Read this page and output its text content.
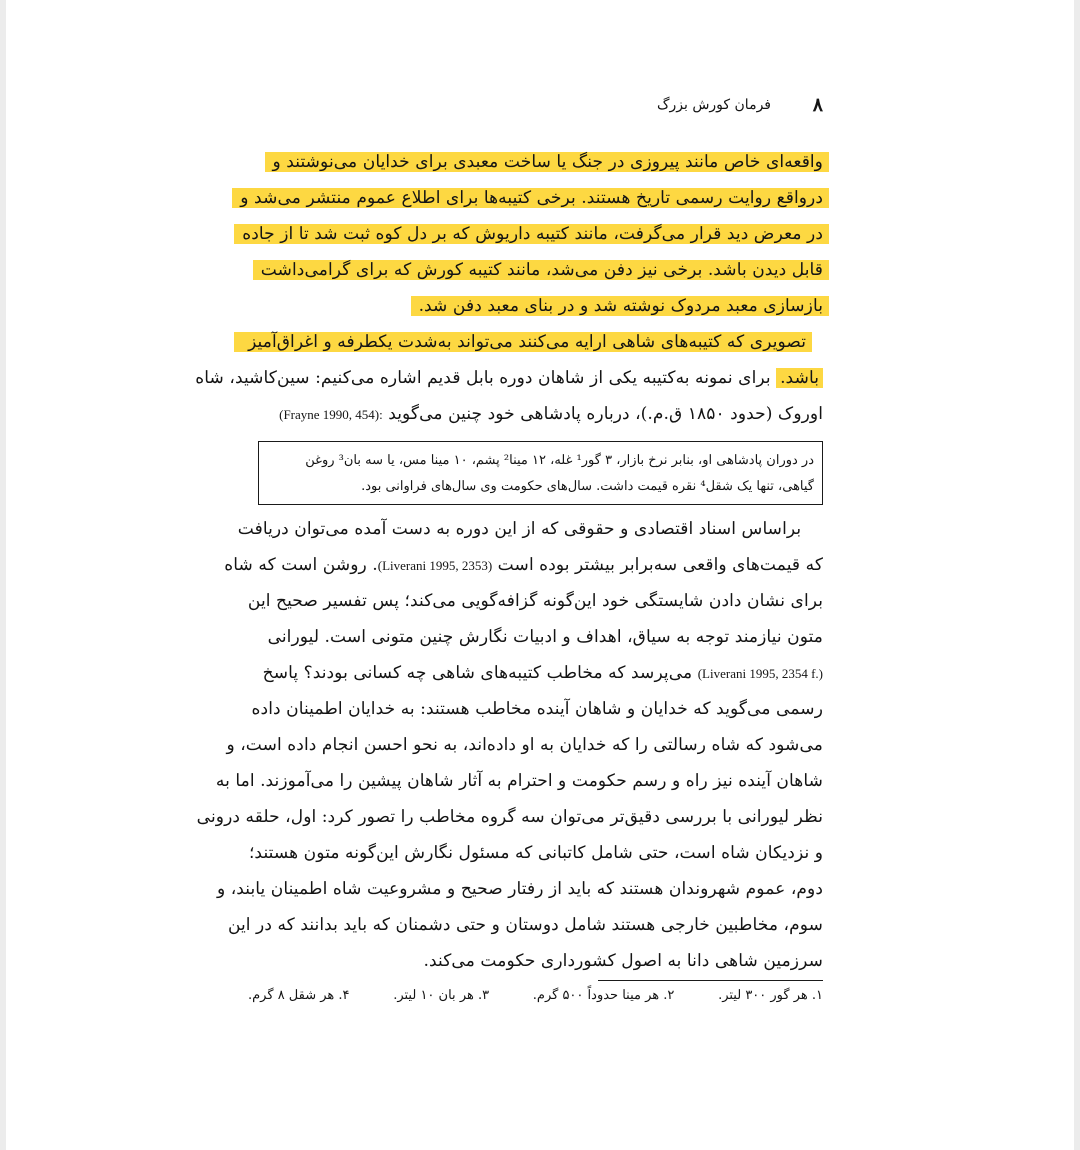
۸
فرمان کورش بزرگ
واقعه‌ای خاص مانند پیروزی در جنگ یا ساخت معبدی برای خدایان می‌نوشتند و
درواقع روایت رسمی تاریخ هستند. برخی کتیبه‌ها برای اطلاع عموم منتشر می‌شد و
در معرض دید قرار می‌گرفت، مانند کتیبه داریوش که بر دل کوه ثبت شد تا از جاده
قابل دیدن باشد. برخی نیز دفن می‌شد، مانند کتیبه کورش که برای گرامی‌داشت
بازسازی معبد مردوک نوشته شد و در بنای معبد دفن شد.
تصویری که کتیبه‌های شاهی ارایه می‌کنند می‌تواند به‌شدت یکطرفه و اغراق‌آمیز
باشد. برای نمونه به‌کتیبه یکی از شاهان دوره بابل قدیم اشاره می‌کنیم: سین‌کاشید، شاه
اوروک (حدود ۱۸۵۰ ق.م.)، درباره پادشاهی خود چنین می‌گوید (Frayne 1990, 454):
در دوران پادشاهی او، بنابر نرخ بازار، ۳ گور¹ غله، ۱۲ مینا² پشم، ۱۰ مینا مس، یا سه بان³ روغن
گیاهی، تنها یک شقل⁴ نقره قیمت داشت. سال‌های حکومت وی سال‌های فراوانی بود.
براساس اسناد اقتصادی و حقوقی که از این دوره به دست آمده می‌توان دریافت
که قیمت‌های واقعی سه‌برابر بیشتر بوده است (Liverani 1995, 2353). روشن است که شاه
برای نشان دادن شایستگی خود این‌گونه گزافه‌گویی می‌کند؛ پس تفسیر صحیح این
متون نیازمند توجه به سیاق، اهداف و ادبیات نگارش چنین متونی است. لیورانی
(Liverani 1995, 2354 f.) می‌پرسد که مخاطب کتیبه‌های شاهی چه کسانی بودند؟ پاسخ
رسمی می‌گوید که خدایان و شاهان آینده مخاطب هستند: به خدایان اطمینان داده
می‌شود که شاه رسالتی را که خدایان به او داده‌اند، به نحو احسن انجام داده است، و
شاهان آینده نیز راه و رسم حکومت و احترام به آثار شاهان پیشین را می‌آموزند. اما به
نظر لیورانی با بررسی دقیق‌تر می‌توان سه گروه مخاطب را تصور کرد: اول، حلقه درونی
و نزدیکان شاه است، حتی شامل کاتبانی که مسئول نگارش این‌گونه متون هستند؛
دوم، عموم شهروندان هستند که باید از رفتار صحیح و مشروعیت شاه اطمینان یابند، و
سوم، مخاطبین خارجی هستند شامل دوستان و حتی دشمنان که باید بدانند که در این
سرزمین شاهی دانا به اصول کشورداری حکومت می‌کند.
۱. هر گور ۳۰۰ لیتر.
۲. هر مینا حدوداً ۵۰۰ گرم.
۳. هر بان ۱۰ لیتر.
۴. هر شقل ۸ گرم.
